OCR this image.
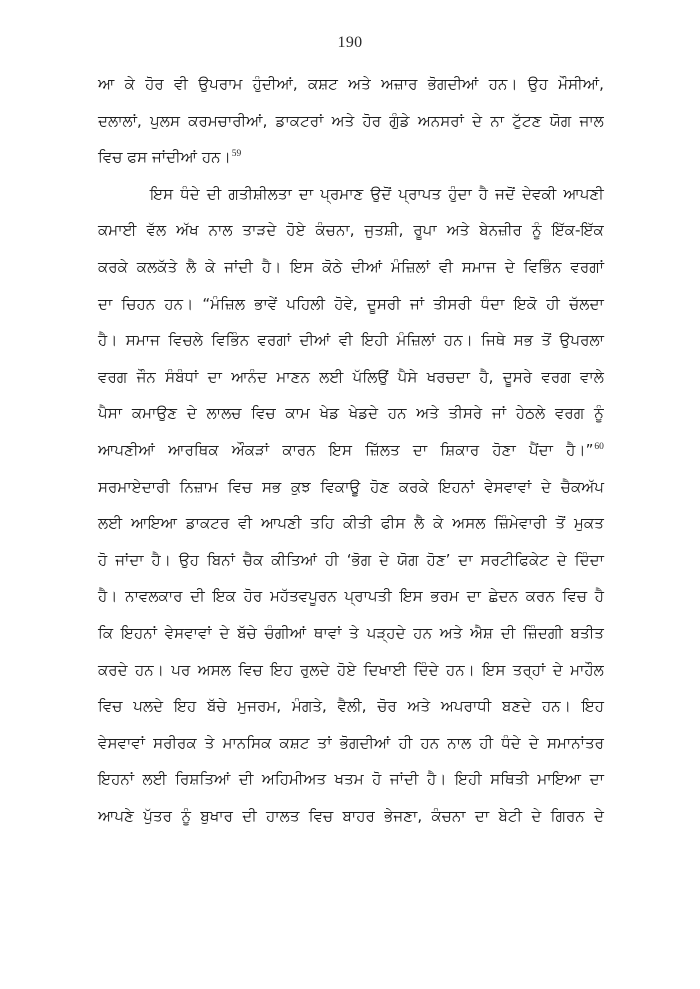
190
ਆ ਕੇ ਹੋਰ ਵੀ ਉਪਰਾਮ ਹੁੰਦੀਆਂ, ਕਸ਼ਟ ਅਤੇ ਅਜ਼ਾਰ ਭੋਗਦੀਆਂ ਹਨ। ਉਹ ਮੌਸੀਆਂ,
ਦਲਾਲਾਂ, ਪੁਲਸ ਕਰਮਚਾਰੀਆਂ, ਡਾਕਟਰਾਂ ਅਤੇ ਹੋਰ ਗੁੰਡੇ ਅਨਸਰਾਂ ਦੇ ਨਾ ਟੁੱਟਣ ਯੋਗ ਜਾਲ
ਵਿਚ ਫਸ ਜਾਂਦੀਆਂ ਹਨ।$^{59}$
ਇਸ ਧੰਦੇ ਦੀ ਗਤੀਸ਼ੀਲਤਾ ਦਾ ਪ੍ਰਮਾਣ ਉਦੋਂ ਪ੍ਰਾਪਤ ਹੁੰਦਾ ਹੈ ਜਦੋਂ ਦੇਵਕੀ ਆਪਣੀ
ਕਮਾਈ ਵੱਲ ਅੱਖ ਨਾਲ ਤਾੜਦੇ ਹੋਏ ਕੰਚਨਾ, ਜੁਤਸ਼ੀ, ਰੂਪਾ ਅਤੇ ਬੇਨਜ਼ੀਰ ਨੂੰ ਇੱਕ-ਇੱਕ
ਕਰਕੇ ਕਲਕੱਤੇ ਲੈ ਕੇ ਜਾਂਦੀ ਹੈ। ਇਸ ਕੋਠੇ ਦੀਆਂ ਮੰਜ਼ਿਲਾਂ ਵੀ ਸਮਾਜ ਦੇ ਵਿਭਿੰਨ ਵਰਗਾਂ
ਦਾ ਚਿਹਨ ਹਨ। “ਮੰਜ਼ਿਲ ਭਾਵੇਂ ਪਹਿਲੀ ਹੋਵੇ, ਦੂਸਰੀ ਜਾਂ ਤੀਸਰੀ ਧੰਦਾ ਇਕੋ ਹੀ ਚੱਲਦਾ
ਹੈ। ਸਮਾਜ ਵਿਚਲੇ ਵਿਭਿੰਨ ਵਰਗਾਂ ਦੀਆਂ ਵੀ ਇਹੀ ਮੰਜ਼ਿਲਾਂ ਹਨ। ਜਿਥੇ ਸਭ ਤੋਂ ਉਪਰਲਾ
ਵਰਗ ਜੌਨ ਸੰਬੰਧਾਂ ਦਾ ਆਨੰਦ ਮਾਣਨ ਲਈ ਪੱਲਿਉਂ ਪੈਸੇ ਖਰਚਦਾ ਹੈ, ਦੂਸਰੇ ਵਰਗ ਵਾਲੇ
ਪੈਸਾ ਕਮਾਉਣ ਦੇ ਲਾਲਚ ਵਿਚ ਕਾਮ ਖੇਡ ਖੇਡਦੇ ਹਨ ਅਤੇ ਤੀਸਰੇ ਜਾਂ ਹੇਠਲੇ ਵਰਗ ਨੂੰ
ਆਪਣੀਆਂ ਆਰਥਿਕ ਔਕੜਾਂ ਕਾਰਨ ਇਸ ਜ਼ਿੱਲਤ ਦਾ ਸ਼ਿਕਾਰ ਹੋਣਾ ਪੈਂਦਾ ਹੈ।”$^{60}$
ਸਰਮਾਏਦਾਰੀ ਨਿਜ਼ਾਮ ਵਿਚ ਸਭ ਕੁਝ ਵਿਕਾਊ ਹੋਣ ਕਰਕੇ ਇਹਨਾਂ ਵੇਸਵਾਵਾਂ ਦੇ ਚੈਕਅੱਪ
ਲਈ ਆਇਆ ਡਾਕਟਰ ਵੀ ਆਪਣੀ ਤਹਿ ਕੀਤੀ ਫੀਸ ਲੈ ਕੇ ਅਸਲ ਜ਼ਿੰਮੇਵਾਰੀ ਤੋਂ ਮੁਕਤ
ਹੋ ਜਾਂਦਾ ਹੈ। ਉਹ ਬਿਨਾਂ ਚੈਕ ਕੀਤਿਆਂ ਹੀ ‘ਭੋਗ ਦੇ ਯੋਗ ਹੋਣ’ ਦਾ ਸਰਟੀਫਿਕੇਟ ਦੇ ਦਿੰਦਾ
ਹੈ। ਨਾਵਲਕਾਰ ਦੀ ਇਕ ਹੋਰ ਮਹੱਤਵਪੂਰਨ ਪ੍ਰਾਪਤੀ ਇਸ ਭਰਮ ਦਾ ਛੇਦਨ ਕਰਨ ਵਿਚ ਹੈ
ਕਿ ਇਹਨਾਂ ਵੇਸਵਾਵਾਂ ਦੇ ਬੱਚੇ ਚੰਗੀਆਂ ਥਾਵਾਂ ਤੇ ਪੜ੍ਹਦੇ ਹਨ ਅਤੇ ਐਸ਼ ਦੀ ਜ਼ਿੰਦਗੀ ਬਤੀਤ
ਕਰਦੇ ਹਨ। ਪਰ ਅਸਲ ਵਿਚ ਇਹ ਰੁਲਦੇ ਹੋਏ ਦਿਖਾਈ ਦਿੰਦੇ ਹਨ। ਇਸ ਤਰ੍ਹਾਂ ਦੇ ਮਾਹੌਲ
ਵਿਚ ਪਲਦੇ ਇਹ ਬੱਚੇ ਮੁਜਰਮ, ਮੰਗਤੇ, ਵੈਲੀ, ਚੋਰ ਅਤੇ ਅਪਰਾਧੀ ਬਣਦੇ ਹਨ। ਇਹ
ਵੇਸਵਾਵਾਂ ਸਰੀਰਕ ਤੇ ਮਾਨਸਿਕ ਕਸ਼ਟ ਤਾਂ ਭੋਗਦੀਆਂ ਹੀ ਹਨ ਨਾਲ ਹੀ ਧੰਦੇ ਦੇ ਸਮਾਨਾਂਤਰ
ਇਹਨਾਂ ਲਈ ਰਿਸ਼ਤਿਆਂ ਦੀ ਅਹਿਮੀਅਤ ਖਤਮ ਹੋ ਜਾਂਦੀ ਹੈ। ਇਹੀ ਸਥਿਤੀ ਮਾਇਆ ਦਾ
ਆਪਣੇ ਪੁੱਤਰ ਨੂੰ ਬੁਖਾਰ ਦੀ ਹਾਲਤ ਵਿਚ ਬਾਹਰ ਭੇਜਣਾ, ਕੰਚਨਾ ਦਾ ਬੇਟੀ ਦੇ ਗਿਰਨ ਦੇ
